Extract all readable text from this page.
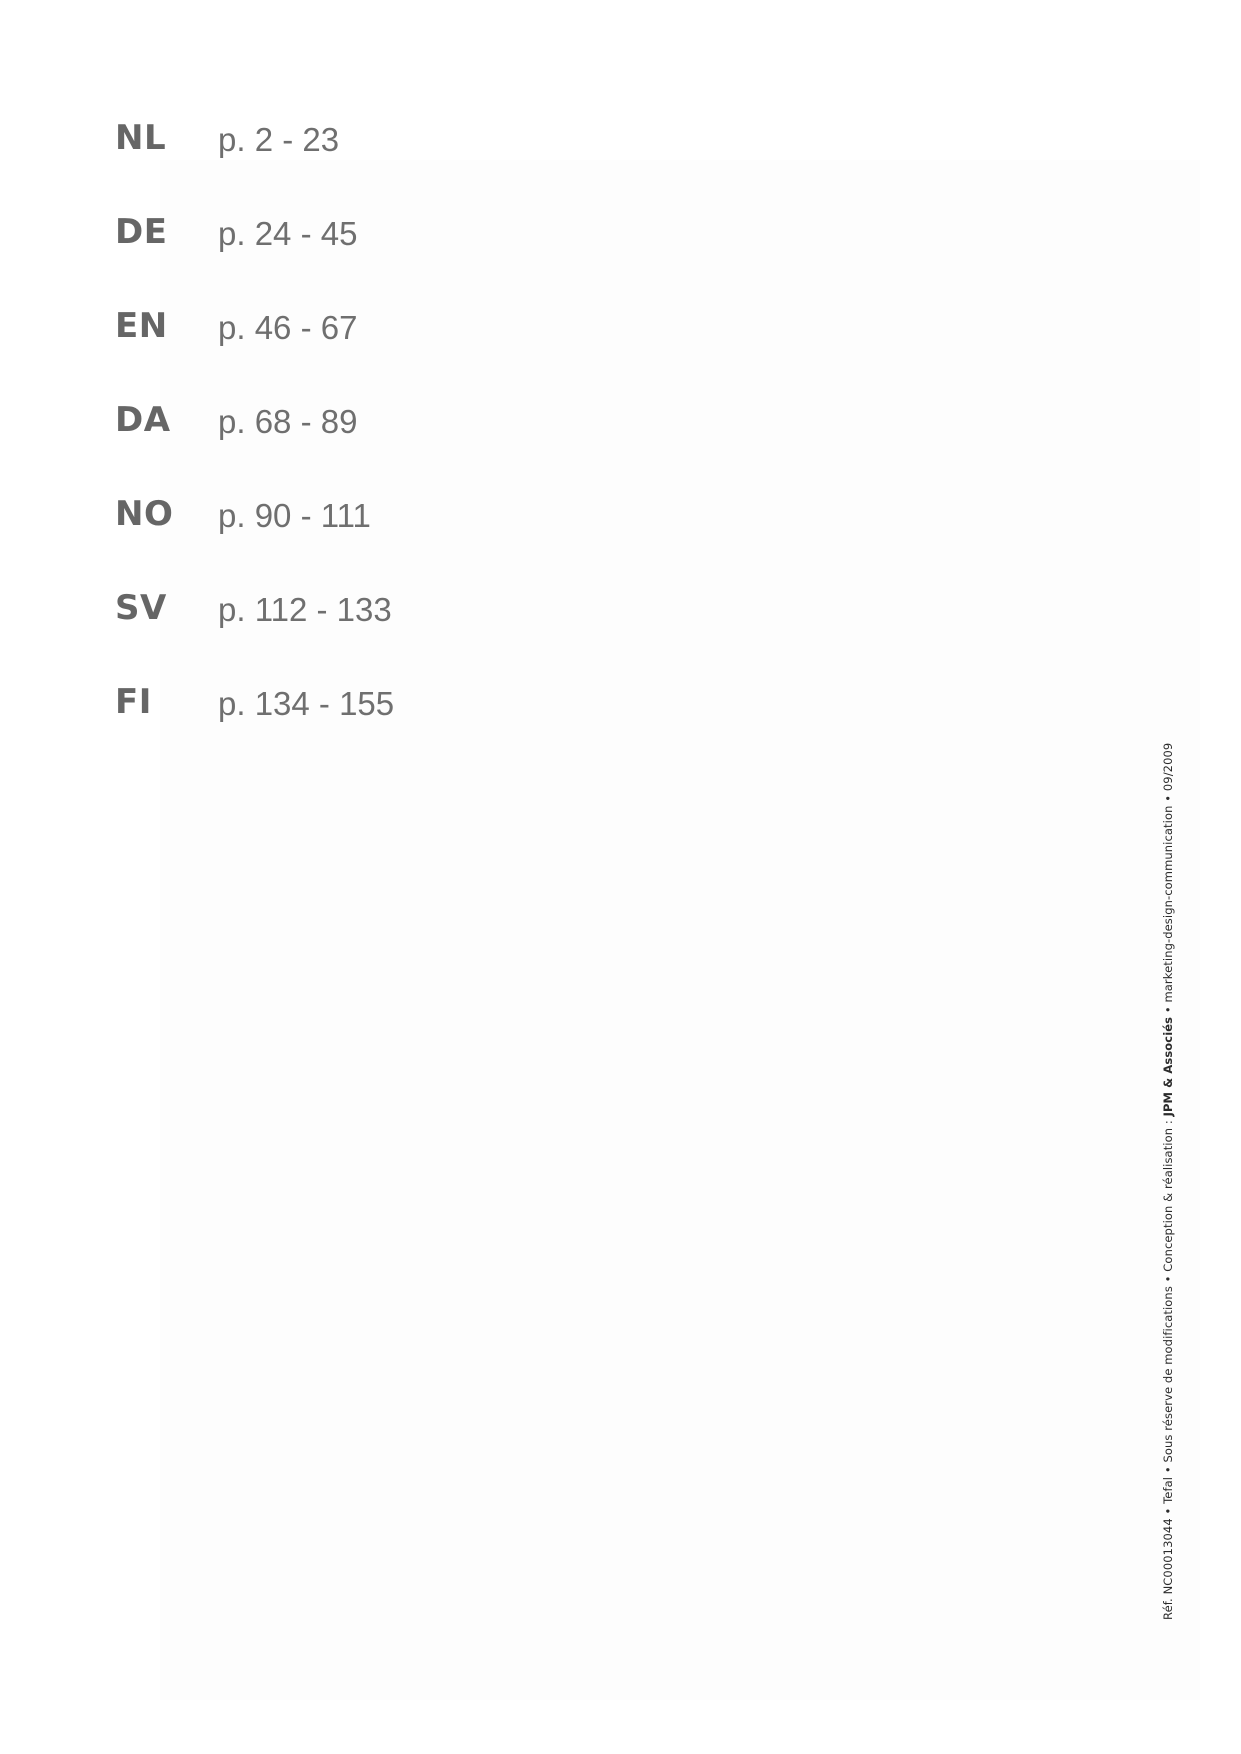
NL	p. 2 - 23
DE	p. 24 - 45
EN	p. 46 - 67
DA	p. 68 - 89
NO	p. 90 - 111
SV	p. 112 - 133
FI	p. 134 - 155
Réf. NC00013044 • Tefal • Sous réserve de modifications • Conception & réalisation : JPM & Associés • marketing-design-communication • 09/2009
